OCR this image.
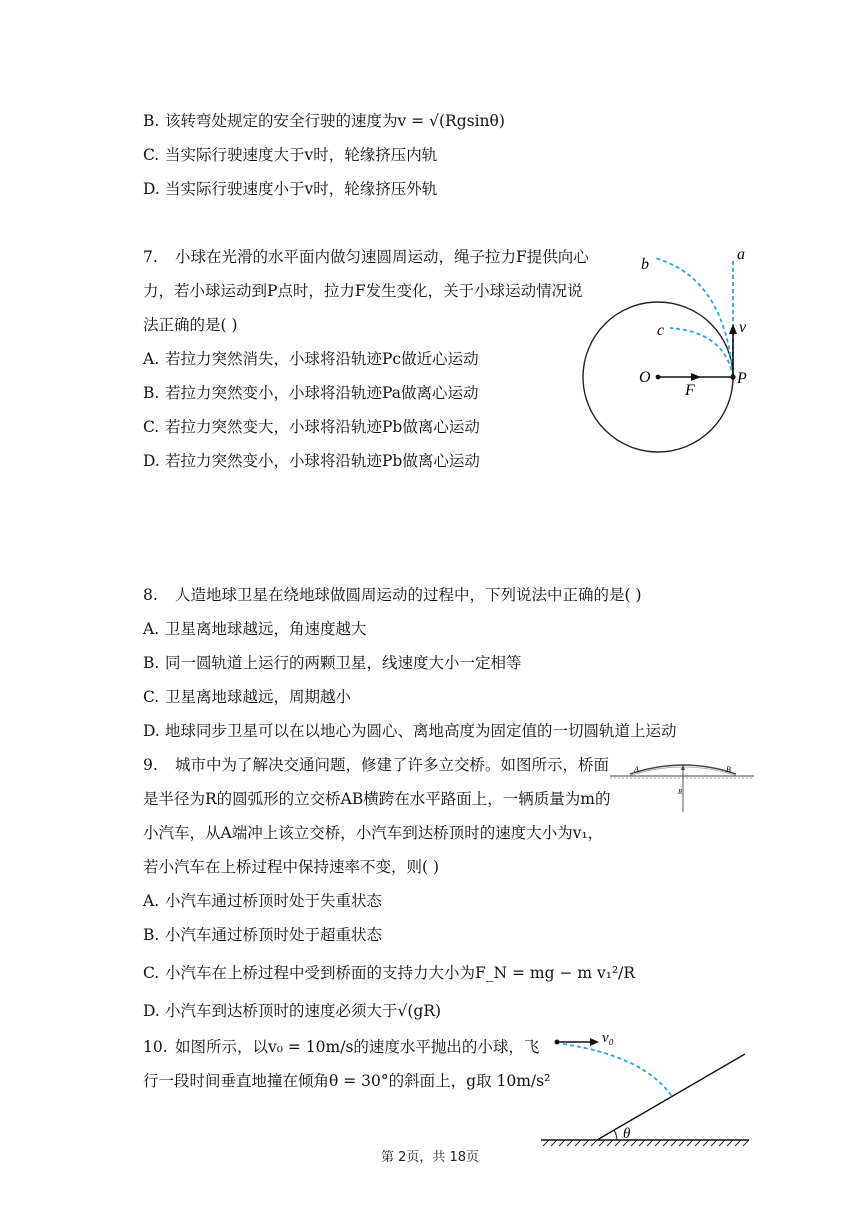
B. 该转弯处规定的安全行驶的速度为v = √(Rgsinθ)
C. 当实际行驶速度大于v时，轮缘挤压内轨
D. 当实际行驶速度小于v时，轮缘挤压外轨
7. 小球在光滑的水平面内做匀速圆周运动，绳子拉力F提供向心
力，若小球运动到P点时，拉力F发生变化，关于小球运动情况说
法正确的是( )
A. 若拉力突然消失，小球将沿轨迹Pc做近心运动
B. 若拉力突然变小，小球将沿轨迹Pa做离心运动
C. 若拉力突然变大，小球将沿轨迹Pb做离心运动
D. 若拉力突然变小，小球将沿轨迹Pb做离心运动
b
a
c	v
O
F
P
8. 人造地球卫星在绕地球做圆周运动的过程中，下列说法中正确的是( )
A. 卫星离地球越远，角速度越大
B. 同一圆轨道上运行的两颗卫星，线速度大小一定相等
C. 卫星离地球越远，周期越小
D. 地球同步卫星可以在以地心为圆心、离地高度为固定值的一切圆轨道上运动
9. 城市中为了解决交通问题，修建了许多立交桥。如图所示，桥面
是半径为R的圆弧形的立交桥AB横跨在水平路面上，一辆质量为m的
小汽车，从A端冲上该立交桥，小汽车到达桥顶时的速度大小为v₁，
若小汽车在上桥过程中保持速率不变，则( )
A. 小汽车通过桥顶时处于失重状态
B. 小汽车通过桥顶时处于超重状态
C. 小汽车在上桥过程中受到桥面的支持力大小为F_N = mg − m v₁²/R
D. 小汽车到达桥顶时的速度必须大于√(gR)
A	B
R
10. 如图所示，以v₀ = 10m/s的速度水平抛出的小球，飞
行一段时间垂直地撞在倾角θ = 30°的斜面上，g取 10m/s²
v₀
θ
第 2页，共 18页
